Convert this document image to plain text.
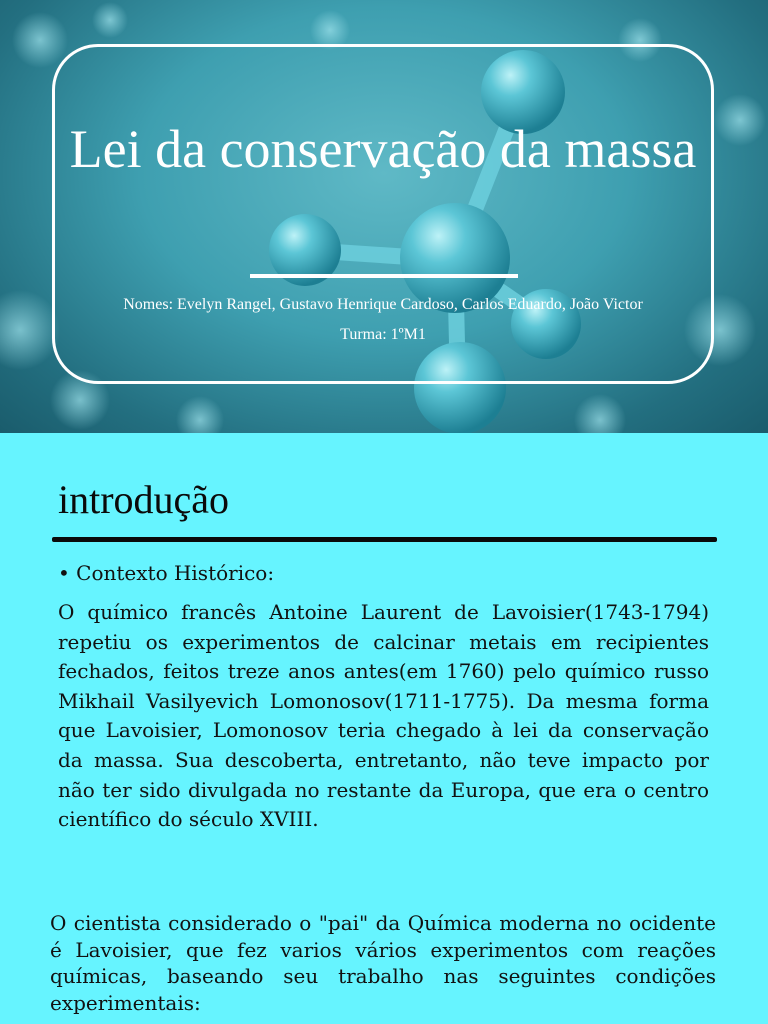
Lei da conservação da massa
Nomes: Evelyn Rangel, Gustavo Henrique Cardoso, Carlos Eduardo, João Victor
Turma: 1ºM1
introdução
• Contexto Histórico:

O químico francês Antoine Laurent de Lavoisier(1743-1794) repetiu os experimentos de calcinar metais em recipientes fechados, feitos treze anos antes(em 1760) pelo químico russo Mikhail Vasilyevich Lomonosov(1711-1775). Da mesma forma que Lavoisier, Lomonosov teria chegado à lei da conservação da massa. Sua descoberta, entretanto, não teve impacto por não ter sido divulgada no restante da Europa, que era o centro científico do século XVIII.

O cientista considerado o "pai" da Química moderna no ocidente é Lavoisier, que fez varios vários experimentos com reações químicas, baseando seu trabalho nas seguintes condições experimentais:
